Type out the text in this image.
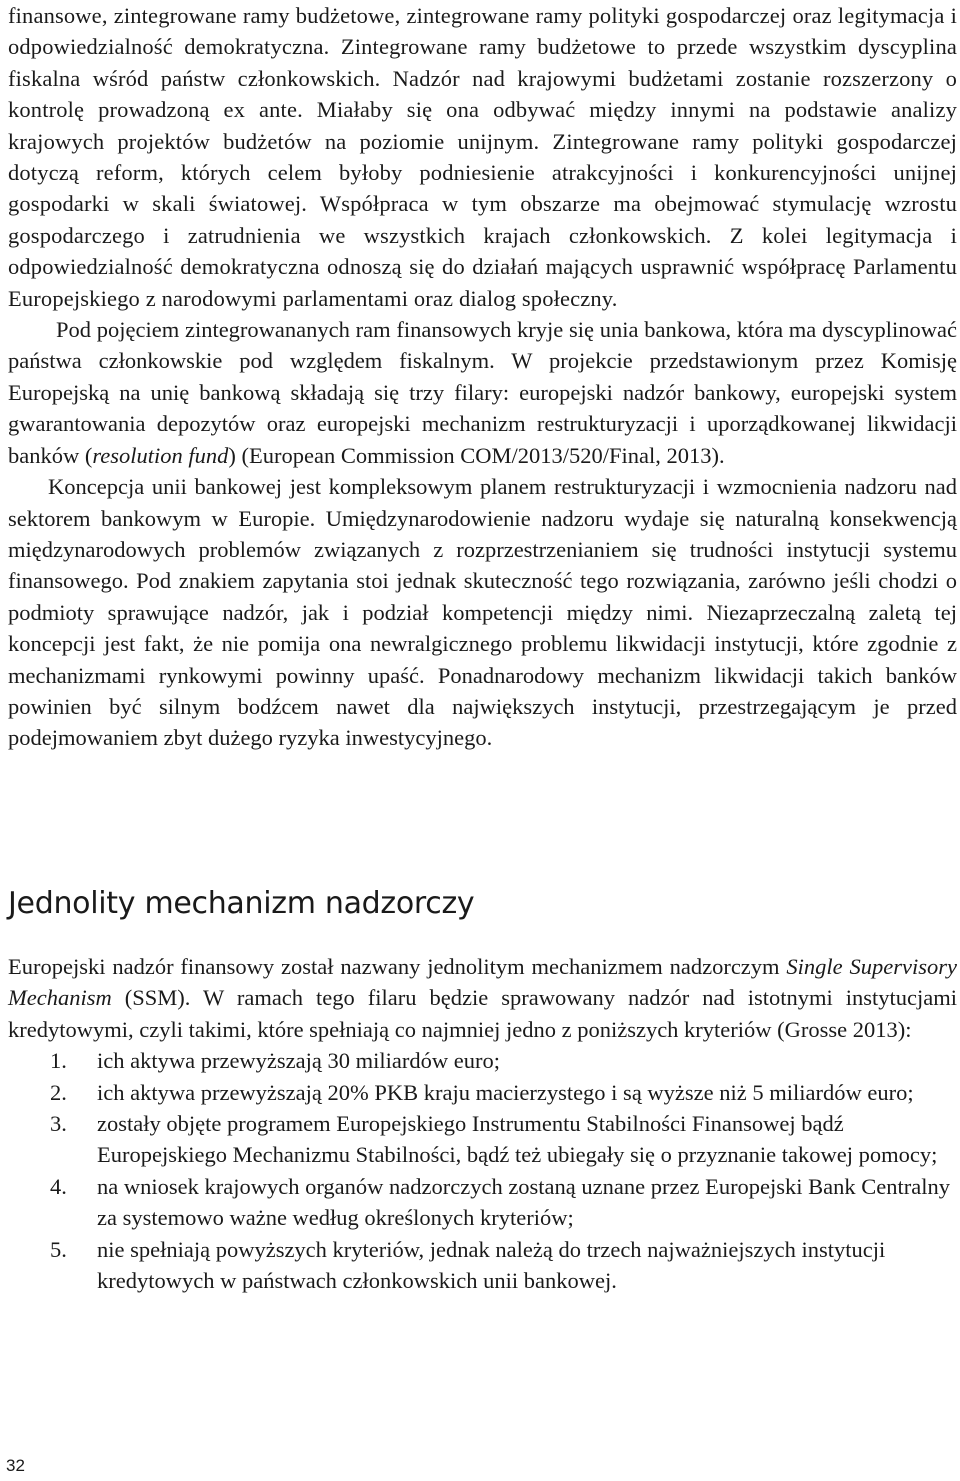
finansowe, zintegrowane ramy budżetowe, zintegrowane ramy polityki gospodarczej oraz legitymacja i odpowiedzialność demokratyczna. Zintegrowane ramy budżetowe to przede wszystkim dyscyplina fiskalna wśród państw członkowskich. Nadzór nad krajowymi budżetami zostanie rozszerzony o kontrolę prowadzoną ex ante. Miałaby się ona odbywać między innymi na podstawie analizy krajowych projektów budżetów na poziomie unijnym. Zintegrowane ramy polityki gospodarczej dotyczą reform, których celem byłoby podniesienie atrakcyjności i konkurencyjności unijnej gospodarki w skali światowej. Współpraca w tym obszarze ma obejmować stymulację wzrostu gospodarczego i zatrudnienia we wszystkich krajach członkowskich. Z kolei legitymacja i odpowiedzialność demokratyczna odnoszą się do działań mających usprawnić współpracę Parlamentu Europejskiego z narodowymi parlamentami oraz dialog społeczny.

Pod pojęciem zintegrowananych ram finansowych kryje się unia bankowa, która ma dyscyplinować państwa członkowskie pod względem fiskalnym. W projekcie przedstawionym przez Komisję Europejską na unię bankową składają się trzy filary: europejski nadzór bankowy, europejski system gwarantowania depozytów oraz europejski mechanizm restrukturyzacji i uporządkowanej likwidacji banków (resolution fund) (European Commission COM/2013/520/Final, 2013).

Koncepcja unii bankowej jest kompleksowym planem restrukturyzacji i wzmocnienia nadzoru nad sektorem bankowym w Europie. Umiędzynarodowienie nadzoru wydaje się naturalną konsekwencją międzynarodowych problemów związanych z rozprzestrzenianiem się trudności instytucji systemu finansowego. Pod znakiem zapytania stoi jednak skuteczność tego rozwiązania, zarówno jeśli chodzi o podmioty sprawujące nadzór, jak i podział kompetencji między nimi. Niezaprzeczalną zaletą tej koncepcji jest fakt, że nie pomija ona newralgicznego problemu likwidacji instytucji, które zgodnie z mechanizmami rynkowymi powinny upaść. Ponadnarodowy mechanizm likwidacji takich banków powinien być silnym bodźcem nawet dla największych instytucji, przestrzegającym je przed podejmowaniem zbyt dużego ryzyka inwestycyjnego.

Jednolity mechanizm nadzorczy

Europejski nadzór finansowy został nazwany jednolitym mechanizmem nadzorczym Single Supervisory Mechanism (SSM). W ramach tego filaru będzie sprawowany nadzór nad istotnymi instytucjami kredytowymi, czyli takimi, które spełniają co najmniej jedno z poniższych kryteriów (Grosse 2013):

1. ich aktywa przewyższają 30 miliardów euro;
2. ich aktywa przewyższają 20% PKB kraju macierzystego i są wyższe niż 5 miliardów euro;
3. zostały objęte programem Europejskiego Instrumentu Stabilności Finansowej bądź Europejskiego Mechanizmu Stabilności, bądź też ubiegały się o przyznanie takowej pomocy;
4. na wniosek krajowych organów nadzorczych zostaną uznane przez Europejski Bank Centralny za systemowo ważne według określonych kryteriów;
5. nie spełniają powyższych kryteriów, jednak należą do trzech najważniejszych instytucji kredytowych w państwach członkowskich unii bankowej.
32
